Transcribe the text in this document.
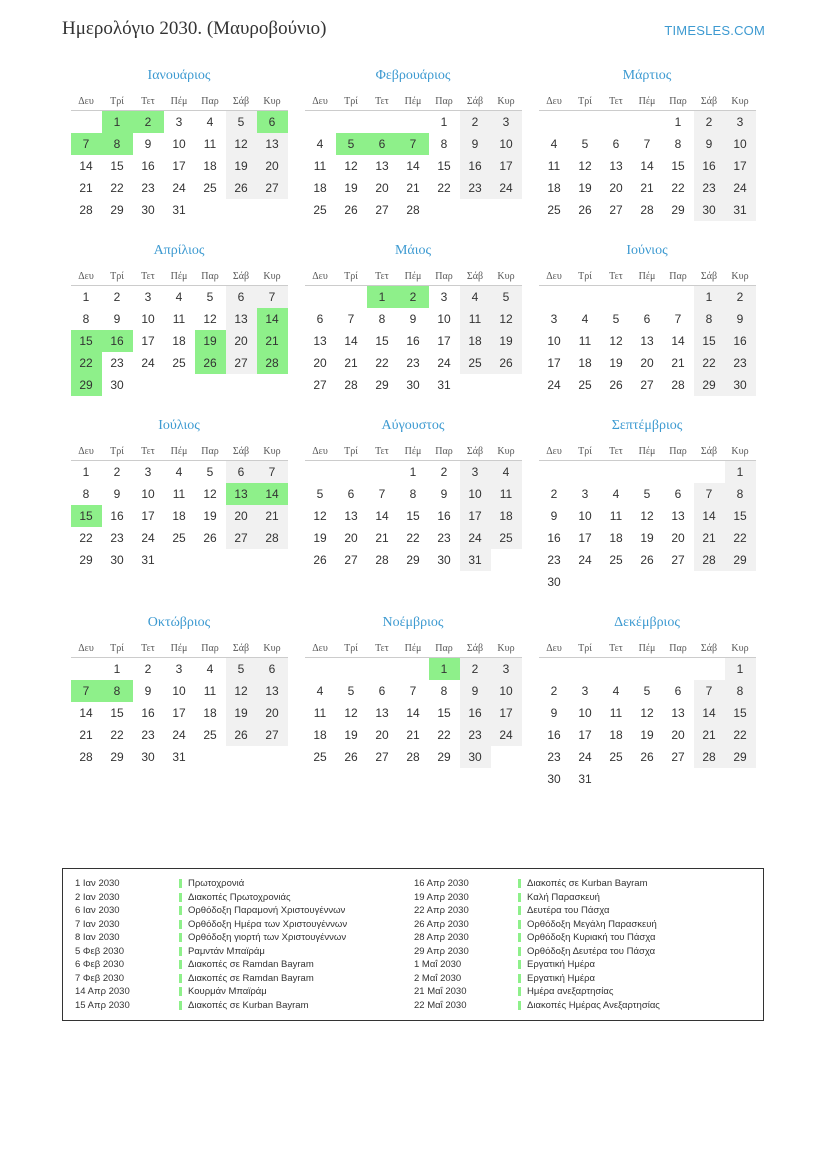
Ημερολόγιο 2030. (Μαυροβούνιο)	TIMESLES.COM
Ιανουάριος
Δευ	Τρί	Τετ	Πέμ	Παρ	Σάβ	Κυρ
	1	2	3	4	5	6
7	8	9	10	11	12	13
14	15	16	17	18	19	20
21	22	23	24	25	26	27
28	29	30	31			
Φεβρουάριος
Δευ	Τρί	Τετ	Πέμ	Παρ	Σάβ	Κυρ
				1	2	3
4	5	6	7	8	9	10
11	12	13	14	15	16	17
18	19	20	21	22	23	24
25	26	27	28			
Μάρτιος
Δευ	Τρί	Τετ	Πέμ	Παρ	Σάβ	Κυρ
				1	2	3
4	5	6	7	8	9	10
11	12	13	14	15	16	17
18	19	20	21	22	23	24
25	26	27	28	29	30	31
Απρίλιος
Δευ	Τρί	Τετ	Πέμ	Παρ	Σάβ	Κυρ
1	2	3	4	5	6	7
8	9	10	11	12	13	14
15	16	17	18	19	20	21
22	23	24	25	26	27	28
29	30					
Μάιος
Δευ	Τρί	Τετ	Πέμ	Παρ	Σάβ	Κυρ
		1	2	3	4	5
6	7	8	9	10	11	12
13	14	15	16	17	18	19
20	21	22	23	24	25	26
27	28	29	30	31		
Ιούνιος
Δευ	Τρί	Τετ	Πέμ	Παρ	Σάβ	Κυρ
					1	2
3	4	5	6	7	8	9
10	11	12	13	14	15	16
17	18	19	20	21	22	23
24	25	26	27	28	29	30
Ιούλιος
Δευ	Τρί	Τετ	Πέμ	Παρ	Σάβ	Κυρ
1	2	3	4	5	6	7
8	9	10	11	12	13	14
15	16	17	18	19	20	21
22	23	24	25	26	27	28
29	30	31				
Αύγουστος
Δευ	Τρί	Τετ	Πέμ	Παρ	Σάβ	Κυρ
			1	2	3	4
5	6	7	8	9	10	11
12	13	14	15	16	17	18
19	20	21	22	23	24	25
26	27	28	29	30	31	
Σεπτέμβριος
Δευ	Τρί	Τετ	Πέμ	Παρ	Σάβ	Κυρ
						1
2	3	4	5	6	7	8
9	10	11	12	13	14	15
16	17	18	19	20	21	22
23	24	25	26	27	28	29
30						
Οκτώβριος
Δευ	Τρί	Τετ	Πέμ	Παρ	Σάβ	Κυρ
	1	2	3	4	5	6
7	8	9	10	11	12	13
14	15	16	17	18	19	20
21	22	23	24	25	26	27
28	29	30	31			
Νοέμβριος
Δευ	Τρί	Τετ	Πέμ	Παρ	Σάβ	Κυρ
				1	2	3
4	5	6	7	8	9	10
11	12	13	14	15	16	17
18	19	20	21	22	23	24
25	26	27	28	29	30	
Δεκέμβριος
Δευ	Τρί	Τετ	Πέμ	Παρ	Σάβ	Κυρ
						1
2	3	4	5	6	7	8
9	10	11	12	13	14	15
16	17	18	19	20	21	22
23	24	25	26	27	28	29
30	31					
1 Ιαν 2030	Πρωτοχρονιά
2 Ιαν 2030	Διακοπές Πρωτοχρονιάς
6 Ιαν 2030	Ορθόδοξη Παραμονή Χριστουγέννων
7 Ιαν 2030	Ορθόδοξη Ημέρα των Χριστουγέννων
8 Ιαν 2030	Ορθόδοξη γιορτή των Χριστουγέννων
5 Φεβ 2030	Ραμντάν Μπαϊράμ
6 Φεβ 2030	Διακοπές σε Ramdan Bayram
7 Φεβ 2030	Διακοπές σε Ramdan Bayram
14 Απρ 2030	Κουρμάν Μπαϊράμ
15 Απρ 2030	Διακοπές σε Kurban Bayram
16 Απρ 2030	Διακοπές σε Kurban Bayram
19 Απρ 2030	Καλή Παρασκευή
22 Απρ 2030	Δευτέρα του Πάσχα
26 Απρ 2030	Ορθόδοξη Μεγάλη Παρασκευή
28 Απρ 2030	Ορθόδοξη Κυριακή του Πάσχα
29 Απρ 2030	Ορθόδοξη Δευτέρα του Πάσχα
1 Μαΐ 2030	Εργατική Ημέρα
2 Μαΐ 2030	Εργατική Ημέρα
21 Μαΐ 2030	Ημέρα ανεξαρτησίας
22 Μαΐ 2030	Διακοπές Ημέρας Ανεξαρτησίας
